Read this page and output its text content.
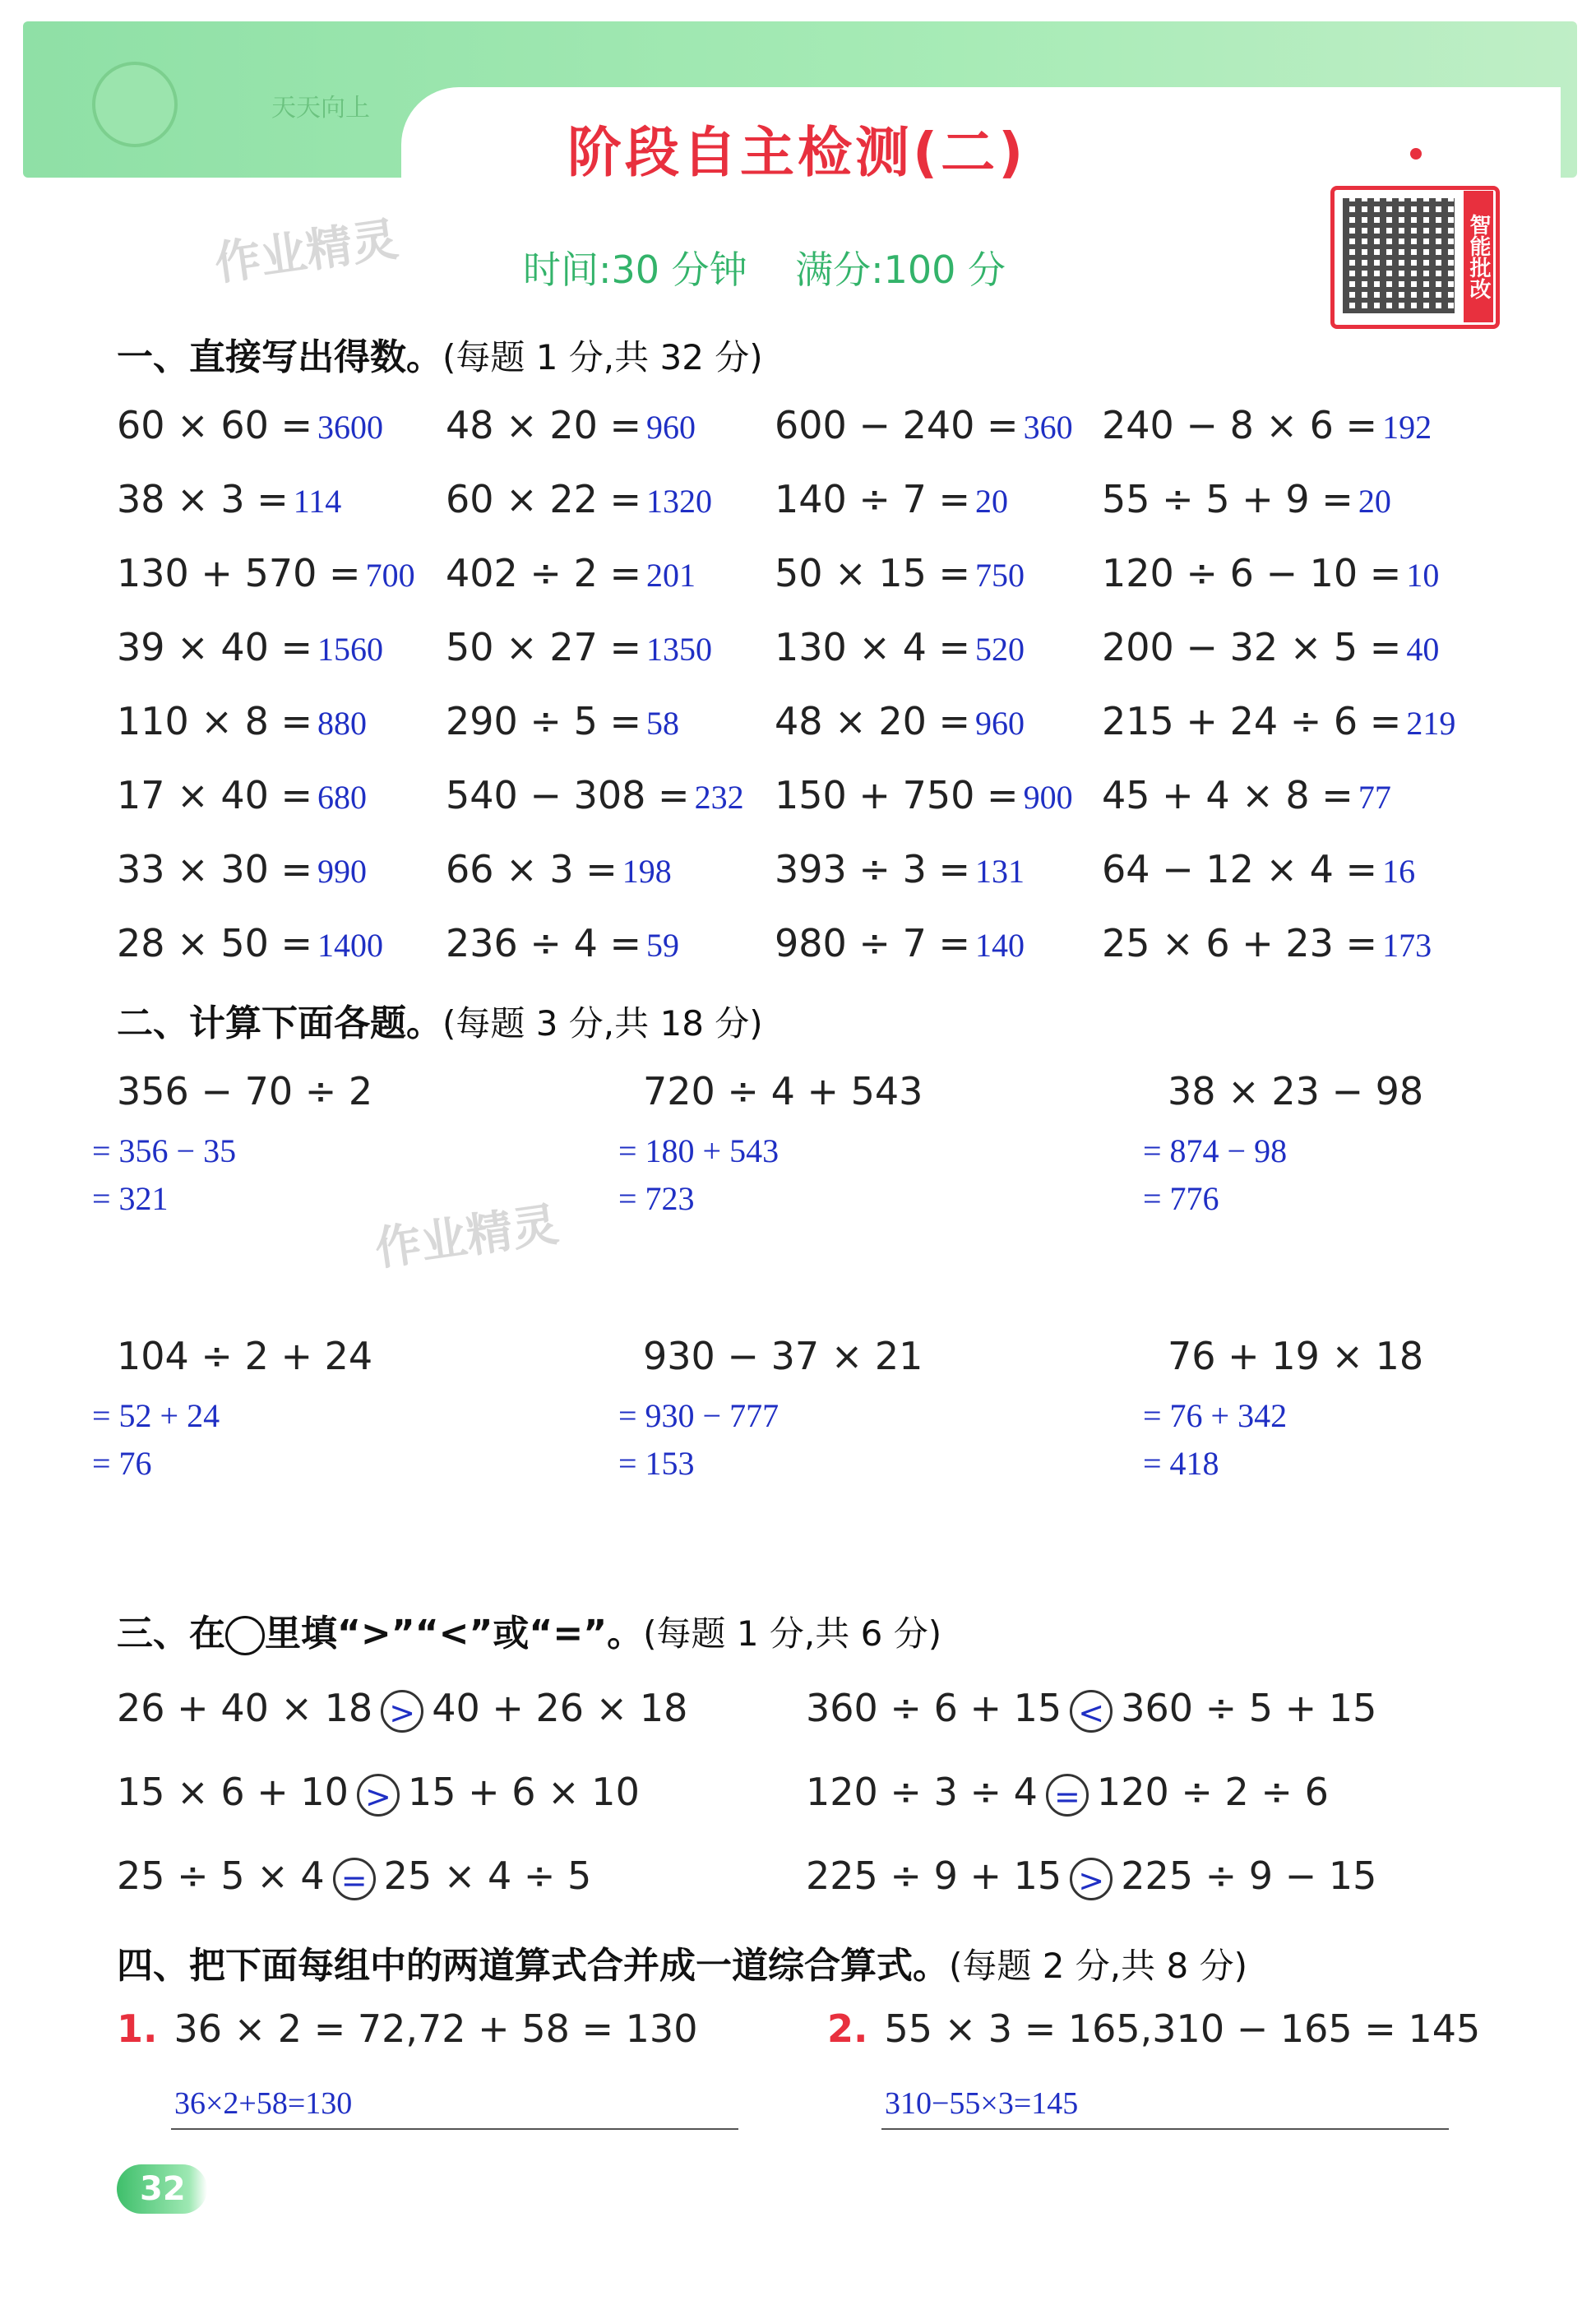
天天向上
阶段自主检测(二)
时间:30 分钟    满分:100 分
作业精灵
作业精灵
智能批改
一、直接写出得数。(每题 1 分,共 32 分)
60 × 60 = 3600 48 × 20 = 960 600 − 240 = 360 240 − 8 × 6 = 192
38 × 3 = 114	60 × 22 = 1320 140 ÷ 7 = 20 55 ÷ 5 + 9 = 20
130 + 570 = 700 402 ÷ 2 = 201 50 × 15 = 750 120 ÷ 6 − 10 = 10
39 × 40 = 1560 50 × 27 = 1350 130 × 4 = 520 200 − 32 × 5 = 40
110 × 8 = 880 290 ÷ 5 = 58	48 × 20 = 960 215 + 24 ÷ 6 = 219
17 × 40 = 680 540 − 308 = 232 150 + 750 = 900 45 + 4 × 8 = 77
33 × 30 = 990 66 × 3 = 198	393 ÷ 3 = 131 64 − 12 × 4 = 16
28 × 50 = 1400 236 ÷ 4 = 59	980 ÷ 7 = 140 25 × 6 + 23 = 173
二、计算下面各题。(每题 3 分,共 18 分)
356 − 70 ÷ 2
= 356 − 35
= 321
720 ÷ 4 + 543
= 180 + 543
= 723
38 × 23 − 98
= 874 − 98
= 776
104 ÷ 2 + 24
= 52 + 24
= 76
930 − 37 × 21
= 930 − 777
= 153
76 + 19 × 18
= 76 + 342
= 418
三、在 里填“>”“<”或“=”。(每题 1 分,共 6 分)
26 + 40 × 18 > 40 + 26 × 18	360 ÷ 6 + 15 < 360 ÷ 5 + 15
15 × 6 + 10 > 15 + 6 × 10	120 ÷ 3 ÷ 4 = 120 ÷ 2 ÷ 6
25 ÷ 5 × 4 = 25 × 4 ÷ 5	225 ÷ 9 + 15 > 225 ÷ 9 − 15
四、把下面每组中的两道算式合并成一道综合算式。(每题 2 分,共 8 分)
1. 36 × 2 = 72,72 + 58 = 130
36×2+58=130
2. 55 × 3 = 165,310 − 165 = 145
310−55×3=145
32
